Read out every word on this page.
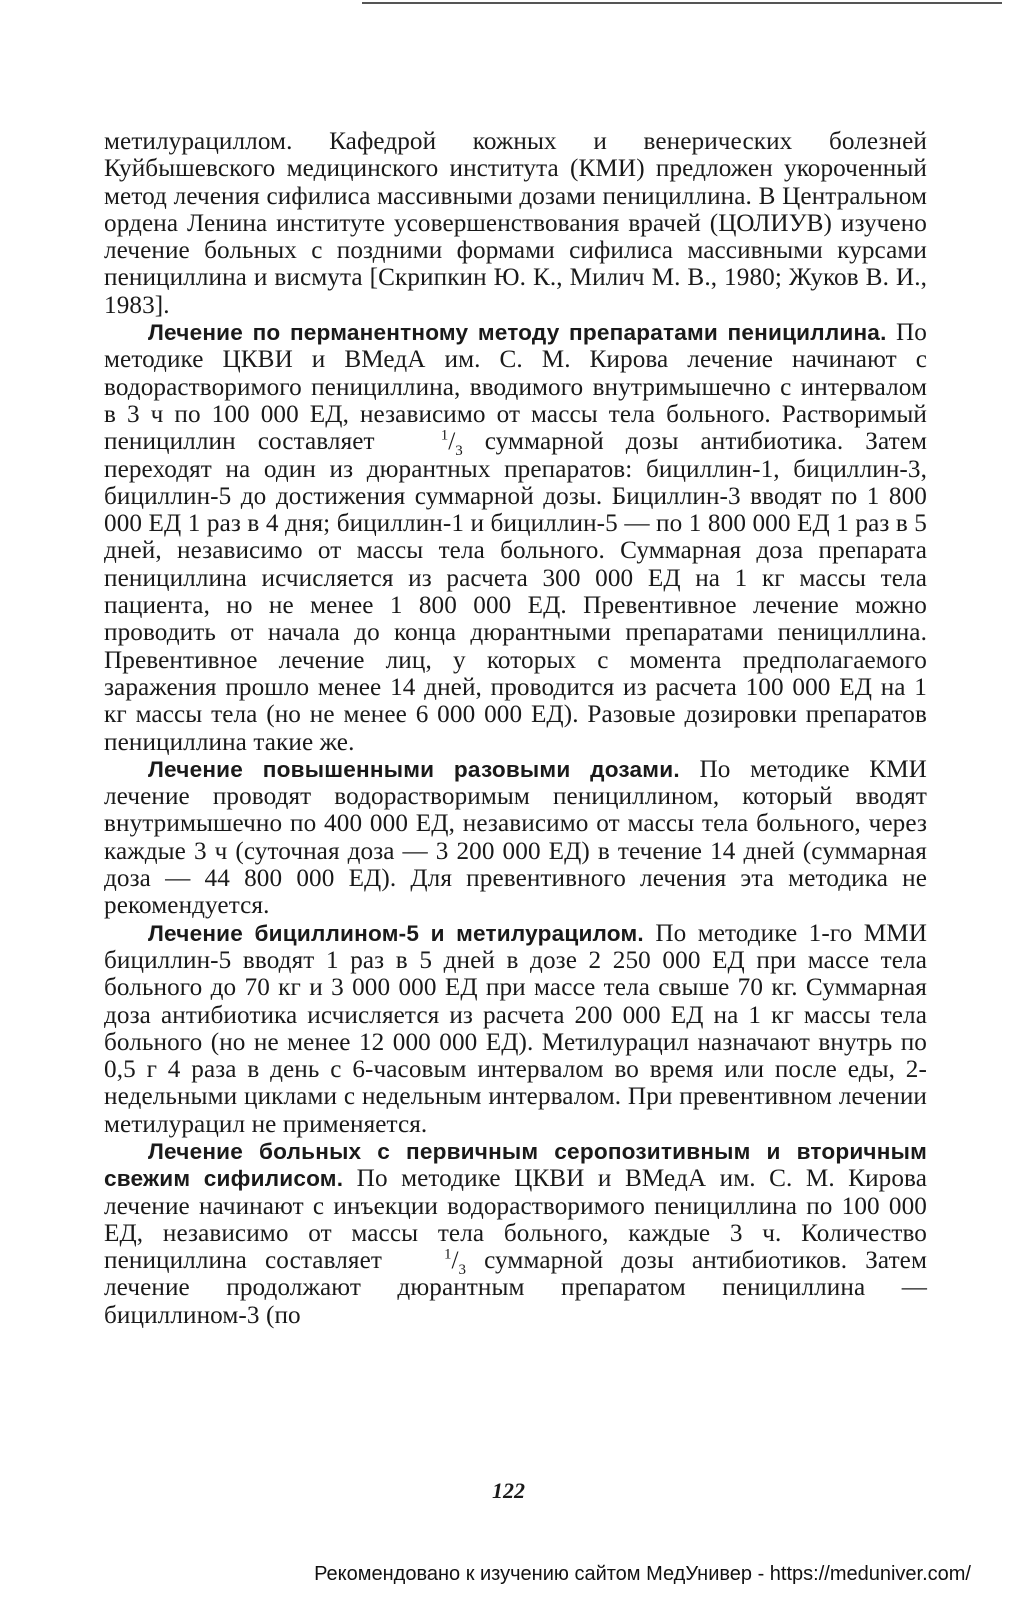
метилурациллом. Кафедрой кожных и венерических болезней Куйбышевского медицинского института (КМИ) предложен укороченный метод лечения сифилиса массивными дозами пенициллина. В Центральном ордена Ленина институте усовершенствования врачей (ЦОЛИУВ) изучено лечение больных с поздними формами сифилиса массивными курсами пенициллина и висмута [Скрипкин Ю. К., Милич М. В., 1980; Жуков В. И., 1983].

Лечение по перманентному методу препаратами пенициллина. По методике ЦКВИ и ВМедА им. С. М. Кирова лечение начинают с водорастворимого пенициллина, вводимого внутримышечно с интервалом в 3 ч по 100 000 ЕД, независимо от массы тела больного. Растворимый пенициллин составляет	$^1/_3$ суммарной дозы антибиотика. Затем переходят на один из дюрантных препаратов: бициллин-1, бициллин-3, бициллин-5 до достижения суммарной дозы. Бициллин-3 вводят по 1 800 000 ЕД 1 раз в 4 дня; бициллин-1 и бициллин-5 — по 1 800 000 ЕД 1 раз в 5 дней, независимо от массы тела больного. Суммарная доза препарата пенициллина исчисляется из расчета 300 000 ЕД на 1 кг массы тела пациента, но не менее 1 800 000 ЕД. Превентивное лечение можно проводить от начала до конца дюрантными препаратами пенициллина. Превентивное лечение лиц, у которых с момента предполагаемого заражения прошло менее 14 дней, проводится из расчета 100 000 ЕД на 1 кг массы тела (но не менее 6 000 000 ЕД). Разовые дозировки препаратов пенициллина такие же.

Лечение повышенными разовыми дозами. По методике КМИ лечение проводят водорастворимым пенициллином, который вводят внутримышечно по 400 000 ЕД, независимо от массы тела больного, через каждые 3 ч (суточная доза — 3 200 000 ЕД) в течение 14 дней (суммарная доза — 44 800 000 ЕД). Для превентивного лечения эта методика не рекомендуется.

Лечение бициллином-5 и метилурацилом. По методике 1-го ММИ бициллин-5 вводят 1 раз в 5 дней в дозе 2 250 000 ЕД при массе тела больного до 70 кг и 3 000 000 ЕД при массе тела свыше 70 кг. Суммарная доза антибиотика исчисляется из расчета 200 000 ЕД на 1 кг массы тела больного (но не менее 12 000 000 ЕД). Метилурацил назначают внутрь по 0,5 г 4 раза в день с 6-часовым интервалом во время или после еды, 2-недельными циклами с недельным интервалом. При превентивном лечении метилурацил не применяется.

Лечение больных с первичным серопозитивным и вторичным свежим сифилисом. По методике ЦКВИ и ВМедА им. С. М. Кирова лечение начинают с инъекции водорастворимого пенициллина по 100 000 ЕД, независимо от массы тела больного, каждые 3 ч. Количество пенициллина составляет	$^1/_3$ суммарной дозы антибиотиков. Затем лечение продолжают дюрантным препаратом пенициллина — бициллином-3 (по

122
Рекомендовано к изучению сайтом МедУнивер - https://meduniver.com/
